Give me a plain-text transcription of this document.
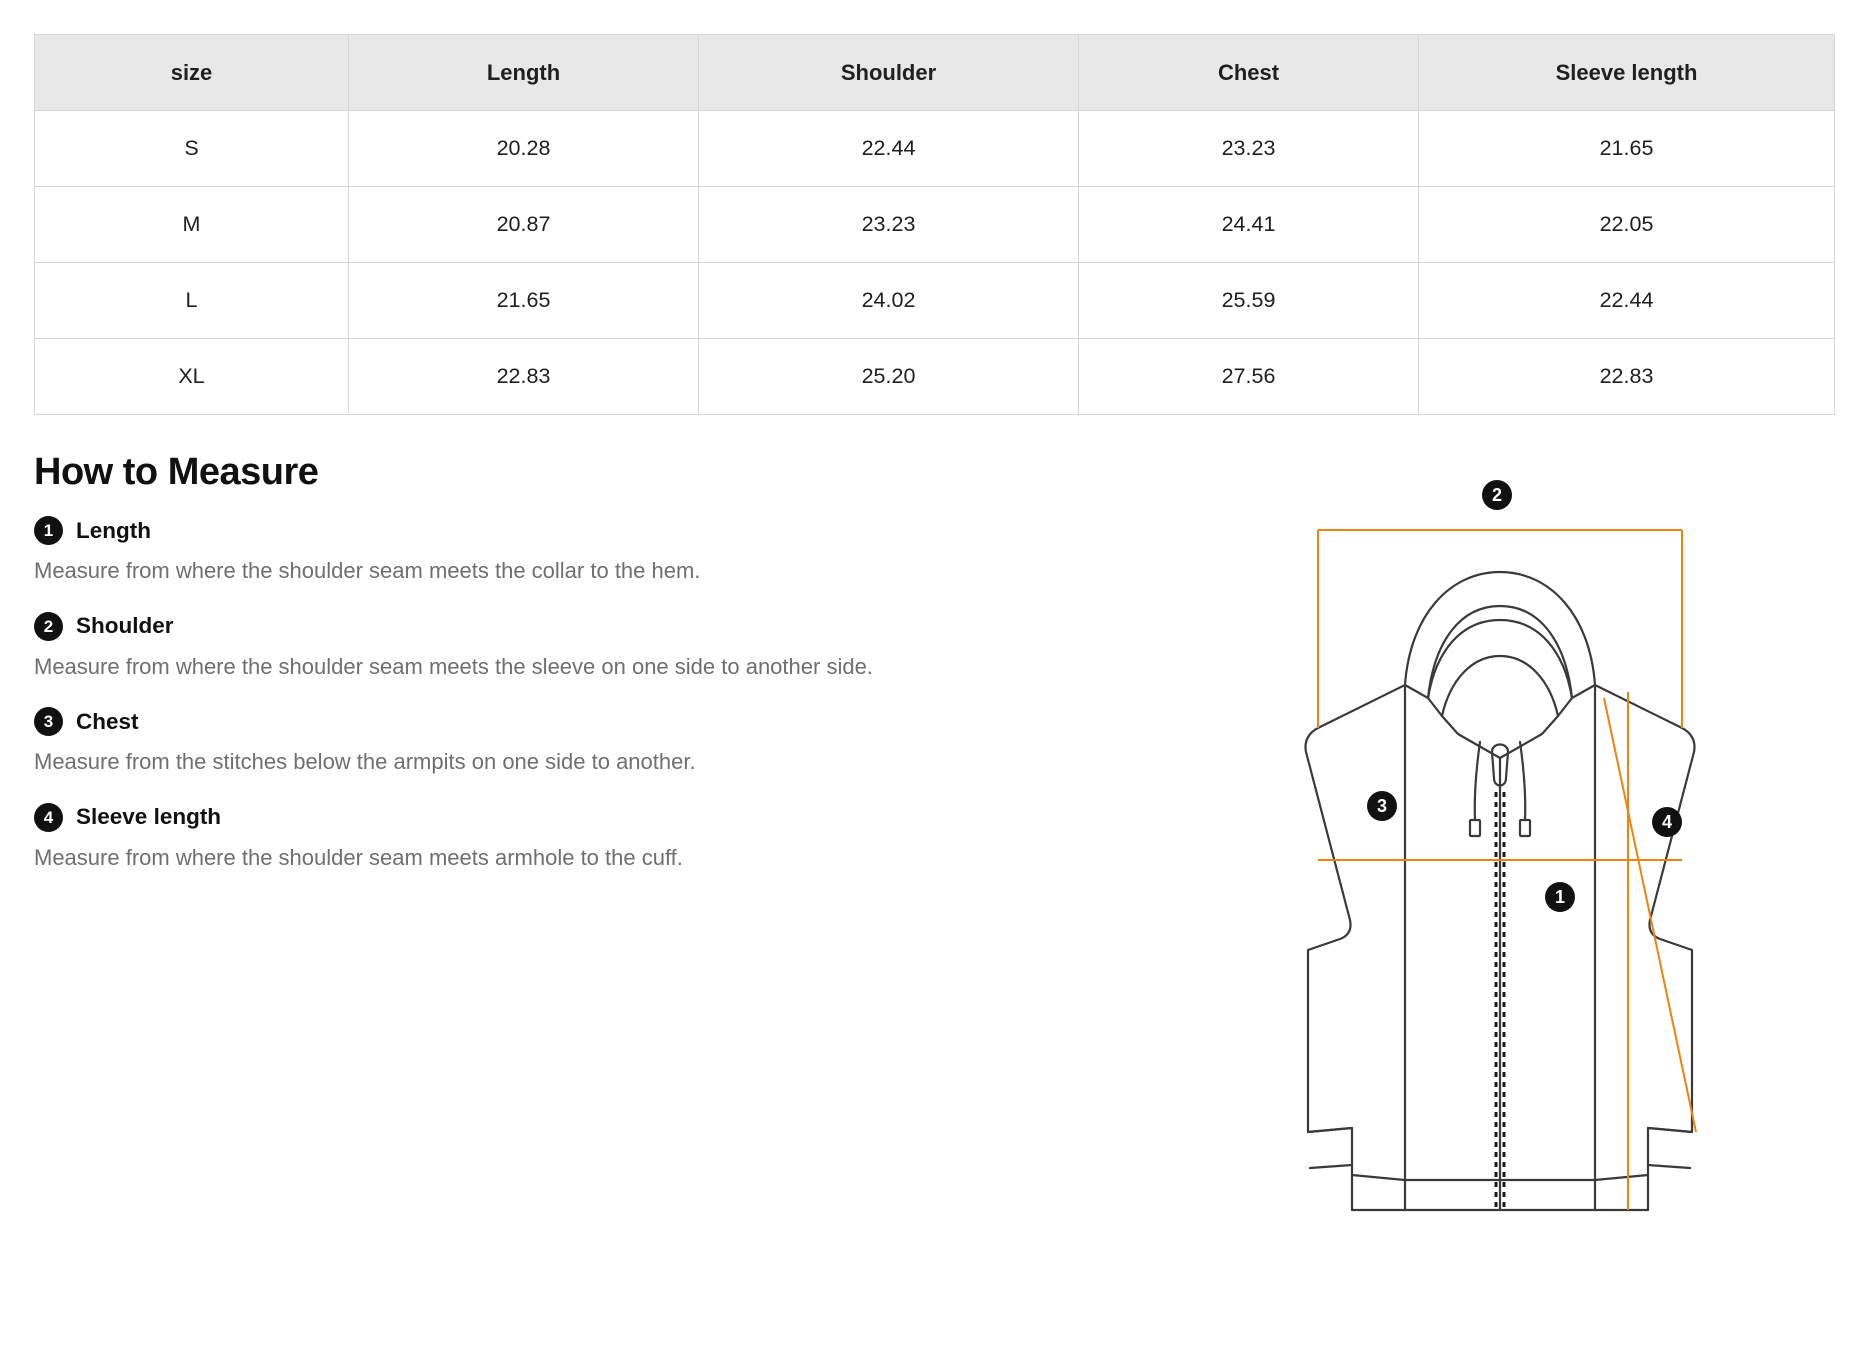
size	Length	Shoulder	Chest	Sleeve length
S	20.28	22.44	23.23	21.65
M	20.87	23.23	24.41	22.05
L	21.65	24.02	25.59	22.44
XL	22.83	25.20	27.56	22.83
How to Measure
1	Length

Measure from where the shoulder seam meets the collar to the hem.

2	Shoulder

Measure from where the shoulder seam meets the sleeve on one side to another side.

3	Chest

Measure from the stitches below the armpits on one side to another.

4	Sleeve length

Measure from where the shoulder seam meets armhole to the cuff.

2
3
4
1
